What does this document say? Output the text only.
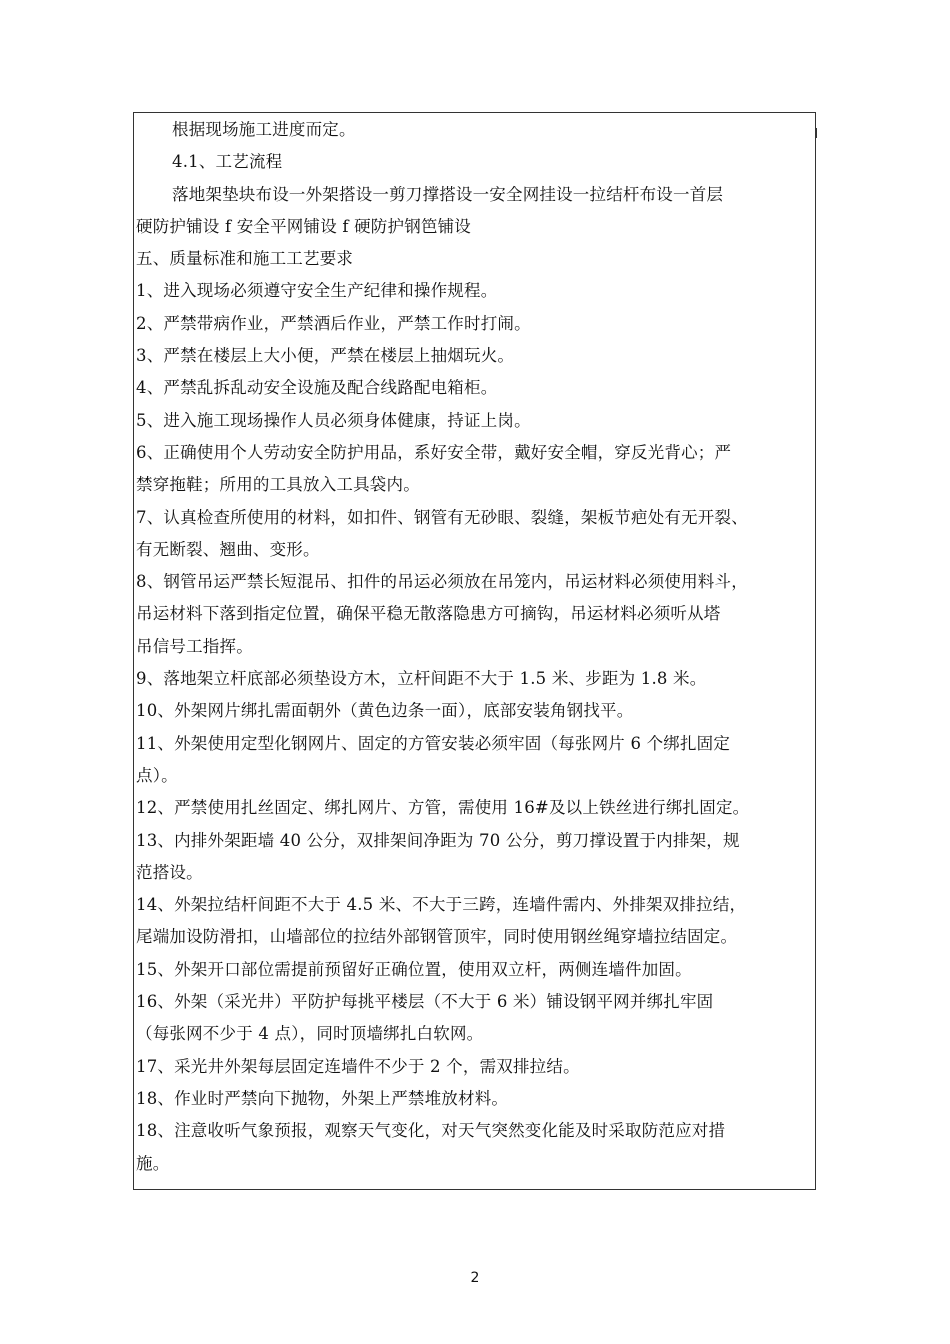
根据现场施工进度而定。
4.1、工艺流程
落地架垫块布设一外架搭设一剪刀撑搭设一安全网挂设一拉结杆布设一首层
硬防护铺设 f 安全平网铺设 f 硬防护钢笆铺设
五、质量标准和施工工艺要求
1、进入现场必须遵守安全生产纪律和操作规程。
2、严禁带病作业，严禁酒后作业，严禁工作时打闹。
3、严禁在楼层上大小便，严禁在楼层上抽烟玩火。
4、严禁乱拆乱动安全设施及配合线路配电箱柜。
5、进入施工现场操作人员必须身体健康，持证上岗。
6、正确使用个人劳动安全防护用品，系好安全带，戴好安全帽，穿反光背心；严
禁穿拖鞋；所用的工具放入工具袋内。
7、认真检查所使用的材料，如扣件、钢管有无砂眼、裂缝，架板节疤处有无开裂、
有无断裂、翘曲、变形。
8、钢管吊运严禁长短混吊、扣件的吊运必须放在吊笼内，吊运材料必须使用料斗，
吊运材料下落到指定位置，确保平稳无散落隐患方可摘钩，吊运材料必须听从塔
吊信号工指挥。
9、落地架立杆底部必须垫设方木，立杆间距不大于 1.5 米、步距为 1.8 米。
10、外架网片绑扎需面朝外（黄色边条一面），底部安装角钢找平。
11、外架使用定型化钢网片、固定的方管安装必须牢固（每张网片 6 个绑扎固定
点）。
12、严禁使用扎丝固定、绑扎网片、方管，需使用 16#及以上铁丝进行绑扎固定。
13、内排外架距墙 40 公分，双排架间净距为 70 公分，剪刀撑设置于内排架，规
范搭设。
14、外架拉结杆间距不大于 4.5 米、不大于三跨，连墙件需内、外排架双排拉结，
尾端加设防滑扣，山墙部位的拉结外部钢管顶牢，同时使用钢丝绳穿墙拉结固定。
15、外架开口部位需提前预留好正确位置，使用双立杆，两侧连墙件加固。
16、外架（采光井）平防护每挑平楼层（不大于 6 米）铺设钢平网并绑扎牢固
（每张网不少于 4 点），同时顶墙绑扎白软网。
17、采光井外架每层固定连墙件不少于 2 个，需双排拉结。
18、作业时严禁向下抛物，外架上严禁堆放材料。
18、注意收听气象预报，观察天气变化，对天气突然变化能及时采取防范应对措
施。
2
